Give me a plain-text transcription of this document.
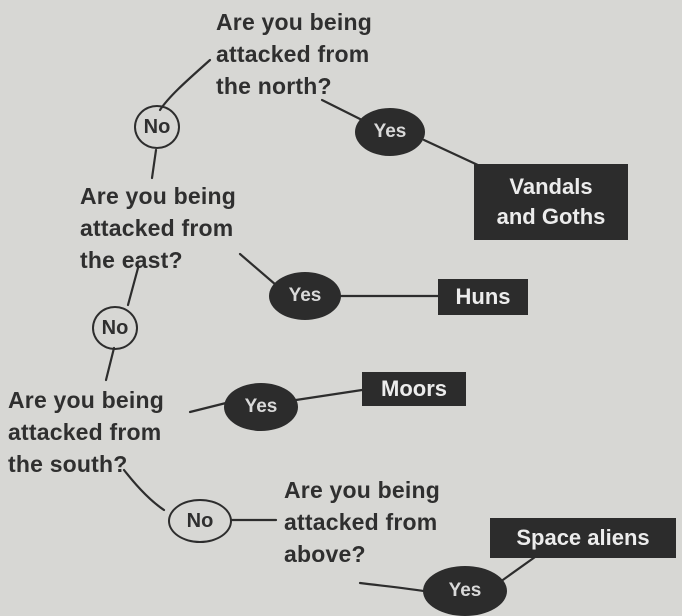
Are you being
attacked from
the north?
No	Yes
Vandals
and Goths
Are you being
attacked from
the east?
Yes	Huns
No
Are you being
attacked from
the south?
Yes
Moors
No
Are you being
attacked from
above?
Space aliens
Yes
